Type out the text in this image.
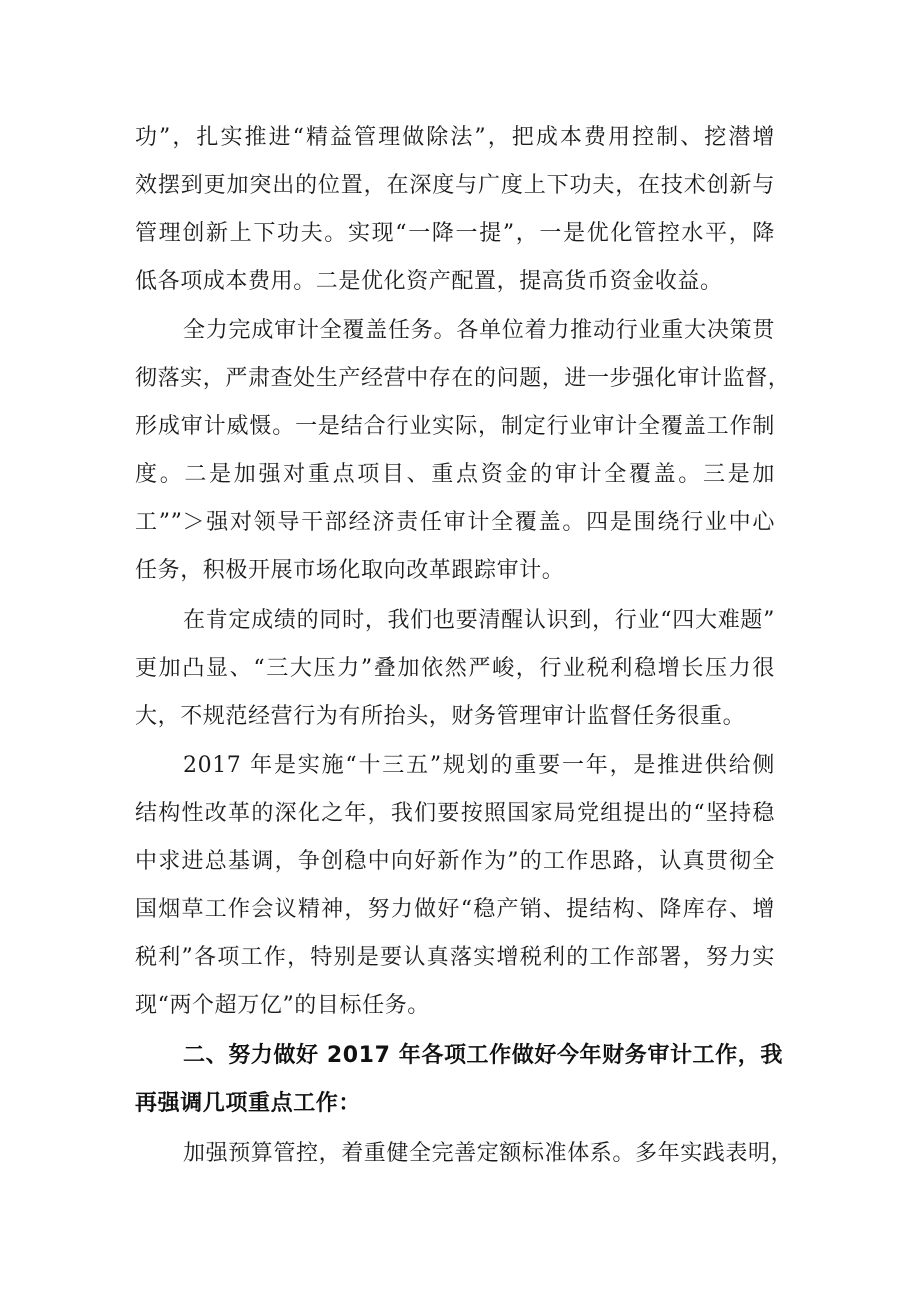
功”，扎实推进“精益管理做除法”，把成本费用控制、挖潜增
效摆到更加突出的位置，在深度与广度上下功夫，在技术创新与
管理创新上下功夫。实现“一降一提”，一是优化管控水平，降
低各项成本费用。二是优化资产配置，提高货币资金收益。
全力完成审计全覆盖任务。各单位着力推动行业重大决策贯
彻落实，严肃查处生产经营中存在的问题，进一步强化审计监督，
形成审计威慑。一是结合行业实际，制定行业审计全覆盖工作制
度。二是加强对重点项目、重点资金的审计全覆盖。三是加
工””＞强对领导干部经济责任审计全覆盖。四是围绕行业中心
任务，积极开展市场化取向改革跟踪审计。
在肯定成绩的同时，我们也要清醒认识到，行业“四大难题”
更加凸显、“三大压力”叠加依然严峻，行业税利稳增长压力很
大，不规范经营行为有所抬头，财务管理审计监督任务很重。
2017 年是实施“十三五”规划的重要一年，是推进供给侧
结构性改革的深化之年，我们要按照国家局党组提出的“坚持稳
中求进总基调，争创稳中向好新作为”的工作思路，认真贯彻全
国烟草工作会议精神，努力做好“稳产销、提结构、降库存、增
税利”各项工作，特别是要认真落实增税利的工作部署，努力实
现“两个超万亿”的目标任务。
二、努力做好 2017 年各项工作做好今年财务审计工作，我
再强调几项重点工作：
加强预算管控，着重健全完善定额标准体系。多年实践表明，
